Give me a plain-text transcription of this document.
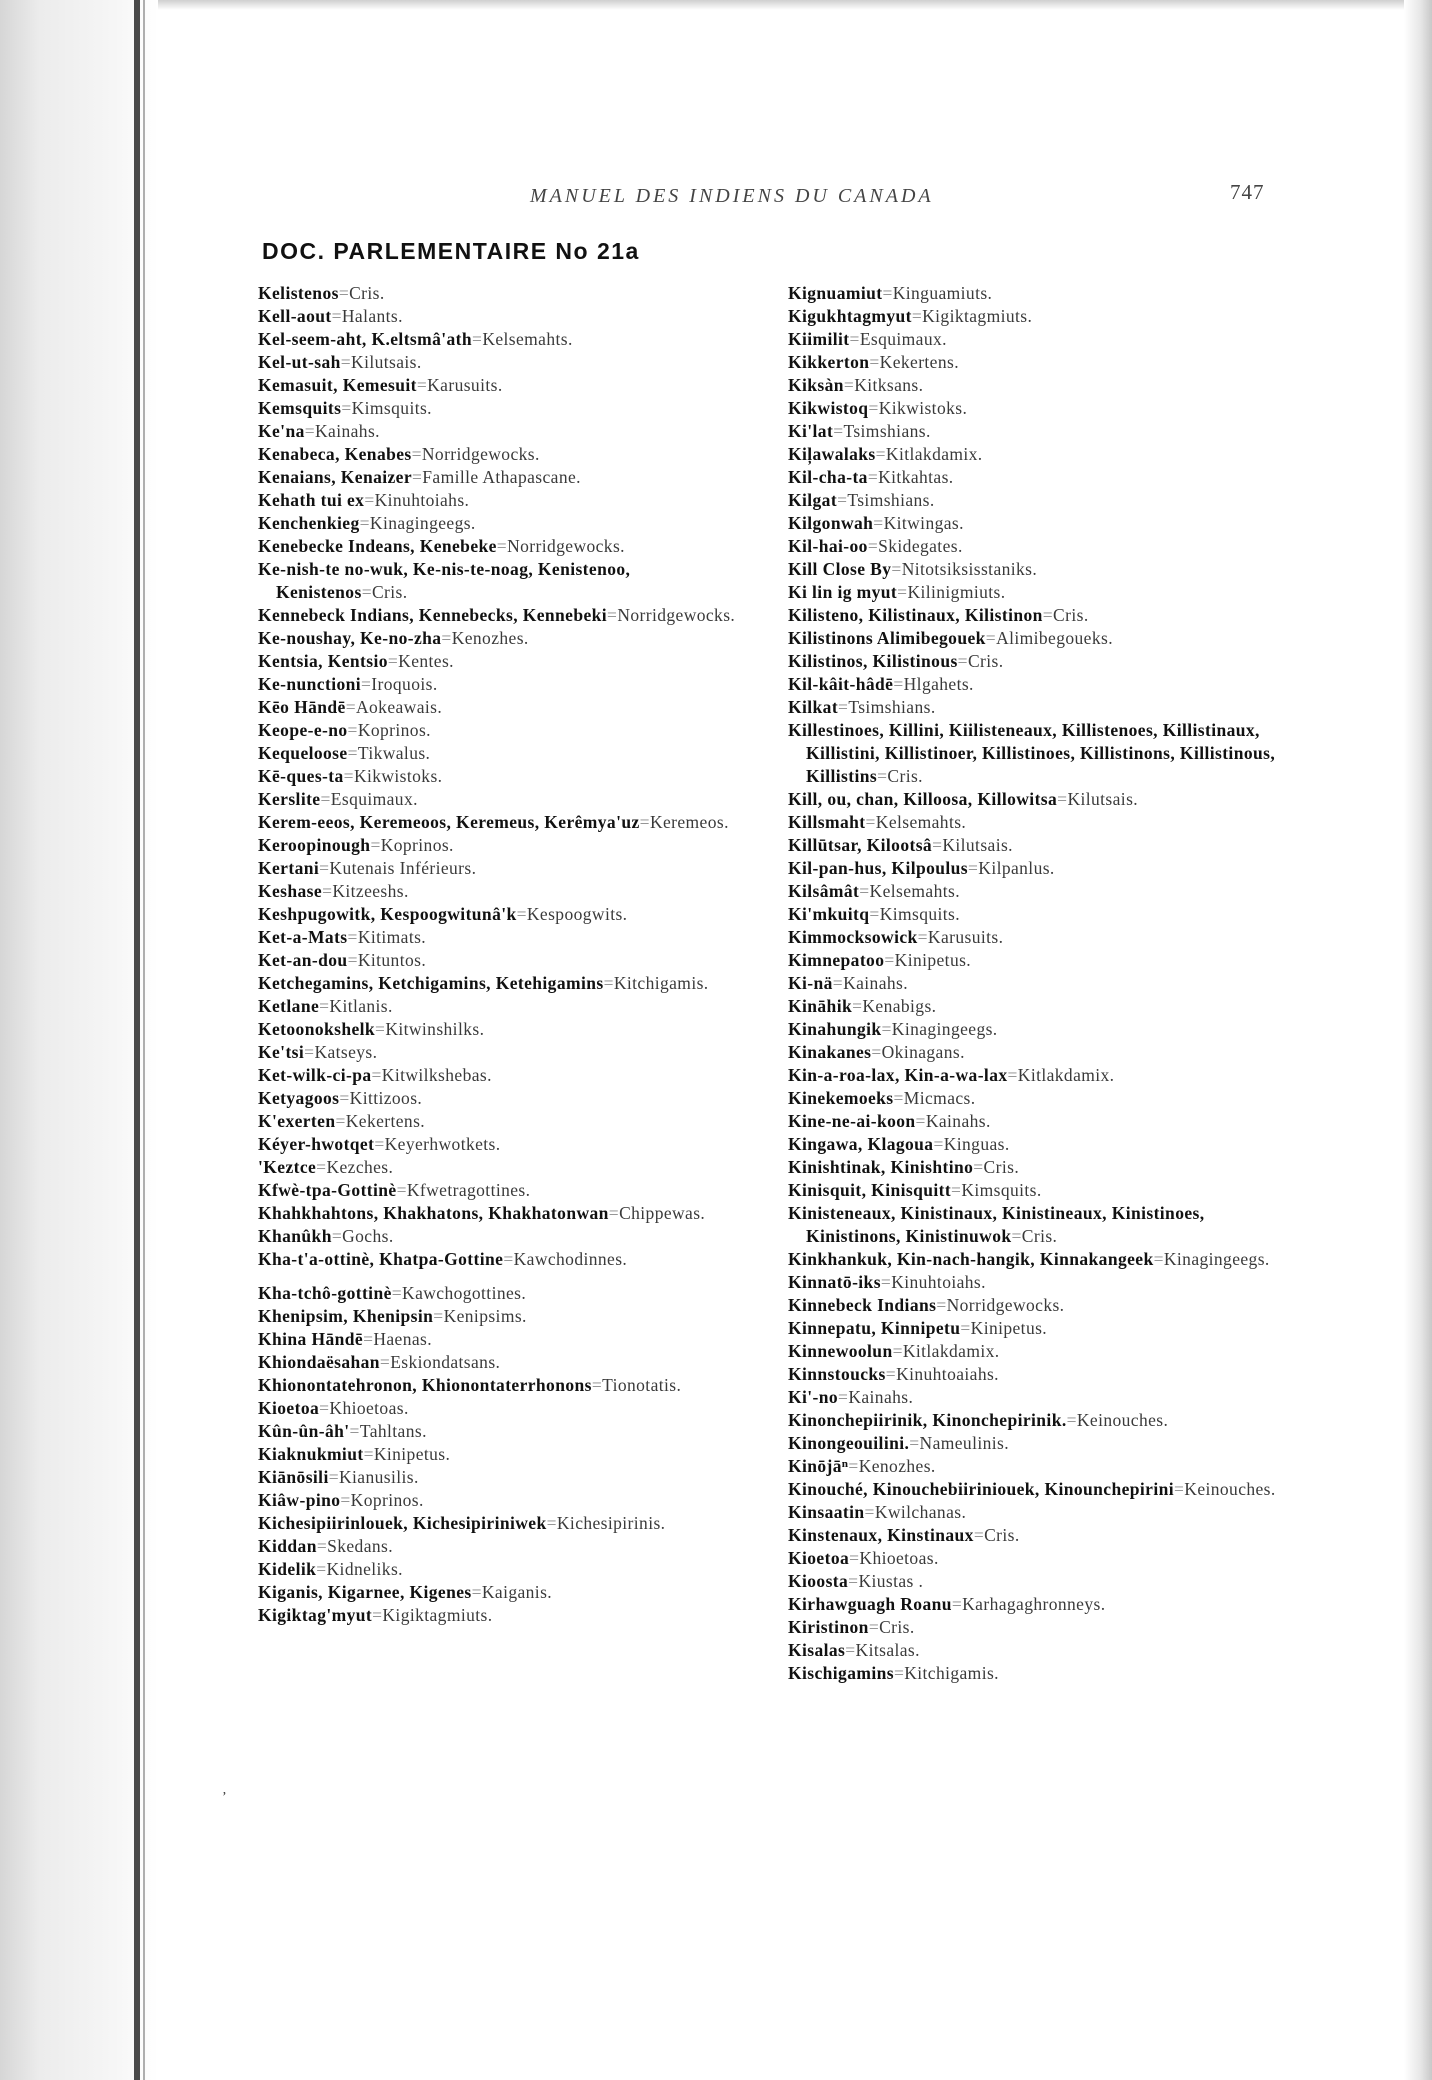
MANUEL DES INDIENS DU CANADA	747
DOC. PARLEMENTAIRE No 21a

Kelistenos=Cris.

Kell-aout=Halants.

Kel-seem-aht, K.eltsmâ'ath=Kelsemahts.

Kel-ut-sah=Kilutsais.

Kemasuit, Kemesuit=Karusuits.

Kemsquits=Kimsquits.

Ke'na=Kainahs.

Kenabeca, Kenabes=Norridgewocks.

Kenaians, Kenaizer=Famille Athapascane.

Kehath tui ex=Kinuhtoiahs.

Kenchenkieg=Kinagingeegs.

Kenebecke Indeans, Kenebeke=Norridgewocks.

Ke-nish-te no-wuk, Ke-nis-te-noag, Kenistenoo, Kenistenos=Cris.

Kennebeck Indians, Kennebecks, Kennebeki=Norridgewocks.

Ke-noushay, Ke-no-zha=Kenozhes.

Kentsia, Kentsio=Kentes.

Ke-nunctioni=Iroquois.

Kēo Hāndē=Aokeawais.

Keope-e-no=Koprinos.

Kequeloose=Tikwalus.

Kē-ques-ta=Kikwistoks.

Kerslite=Esquimaux.

Kerem-eeos, Keremeoos, Keremeus, Kerêmya'uz=Keremeos.

Keroopinough=Koprinos.

Kertani=Kutenais Inférieurs.

Keshase=Kitzeeshs.

Keshpugowitk, Kespoogwitunâ'k=Kespoogwits.

Ket-a-Mats=Kitimats.

Ket-an-dou=Kituntos.

Ketchegamins, Ketchigamins, Ketehigamins=Kitchigamis.

Ketlane=Kitlanis.

Ketoonokshelk=Kitwinshilks.

Ke'tsi=Katseys.

Ket-wilk-ci-pa=Kitwilkshebas.

Ketyagoos=Kittizoos.

K'exerten=Kekertens.

Kéyer-hwotqet=Keyerhwotkets.

'Keztce=Kezches.

Kfwè-tpa-Gottinè=Kfwetragottines.

Khahkhahtons, Khakhatons, Khakhatonwan=Chippewas.

Khanûkh=Gochs.

Kha-t'a-ottinè, Khatpa-Gottine=Kawchodinnes.

Kha-tchô-gottinè=Kawchogottines.

Khenipsim, Khenipsin=Kenipsims.

Khina Hāndē=Haenas.

Khiondaësahan=Eskiondatsans.

Khionontatehronon, Khionontaterrhonons=Tionotatis.

Kioetoa=Khioetoas.

Kûn-ûn-âh'=Tahltans.

Kiaknukmiut=Kinipetus.

Kiānōsili=Kianusilis.

Kiâw-pino=Koprinos.

Kichesipiirinlouek, Kichesipiriniwek=Kichesipirinis.

Kiddan=Skedans.

Kidelik=Kidneliks.

Kiganis, Kigarnee, Kigenes=Kaiganis.

Kigiktag'myut=Kigiktagmiuts.

Kignuamiut=Kinguamiuts.

Kigukhtagmyut=Kigiktagmiuts.

Kiimilit=Esquimaux.

Kikkerton=Kekertens.

Kiksàn=Kitksans.

Kikwistoq=Kikwistoks.

Ki'lat=Tsimshians.

Kiļawalaks=Kitlakdamix.

Kil-cha-ta=Kitkahtas.

Kilgat=Tsimshians.

Kilgonwah=Kitwingas.

Kil-hai-oo=Skidegates.

Kill Close By=Nitotsiksisstaniks.

Ki lin ig myut=Kilinigmiuts.

Kilisteno, Kilistinaux, Kilistinon=Cris.

Kilistinons Alimibegouek=Alimibegoueks.

Kilistinos, Kilistinous=Cris.

Kil-kâit-hâdē=Hlgahets.

Kilkat=Tsimshians.

Killestinoes, Killini, Kiilisteneaux, Killistenoes, Killistinaux, Killistini, Killistinoer, Killistinoes, Killistinons, Killistinous, Killistins=Cris.

Kill, ou, chan, Killoosa, Killowitsa=Kilutsais.

Killsmaht=Kelsemahts.

Killūtsar, Kilootsâ=Kilutsais.

Kil-pan-hus, Kilpoulus=Kilpanlus.

Kilsâmât=Kelsemahts.

Ki'mkuitq=Kimsquits.

Kimmocksowick=Karusuits.

Kimnepatoo=Kinipetus.

Ki-nä=Kainahs.

Kināhik=Kenabigs.

Kinahungik=Kinagingeegs.

Kinakanes=Okinagans.

Kin-a-roa-lax, Kin-a-wa-lax=Kitlakdamix.

Kinekemoeks=Micmacs.

Kine-ne-ai-koon=Kainahs.

Kingawa, Klagoua=Kinguas.

Kinishtinak, Kinishtino=Cris.

Kinisquit, Kinisquitt=Kimsquits.

Kinisteneaux, Kinistinaux, Kinistineaux, Kinistinoes, Kinistinons, Kinistinuwok=Cris.

Kinkhankuk, Kin-nach-hangik, Kinnakangeek=Kinagingeegs.

Kinnatō-iks=Kinuhtoiahs.

Kinnebeck Indians=Norridgewocks.

Kinnepatu, Kinnipetu=Kinipetus.

Kinnewoolun=Kitlakdamix.

Kinnstoucks=Kinuhtoaiahs.

Ki'-no=Kainahs.

Kinonchepiirinik, Kinonchepirinik.=Keinouches.

Kinongeouilini.=Nameulinis.

Kinōjāⁿ=Kenozhes.

Kinouché, Kinouchebiiriniouek, Kinounchepirini=Keinouches.

Kinsaatin=Kwilchanas.

Kinstenaux, Kinstinaux=Cris.

Kioetoa=Khioetoas.

Kioosta=Kiustas .

Kirhawguagh Roanu=Karhagaghronneys.

Kiristinon=Cris.

Kisalas=Kitsalas.

Kischigamins=Kitchigamis.

ʼ
